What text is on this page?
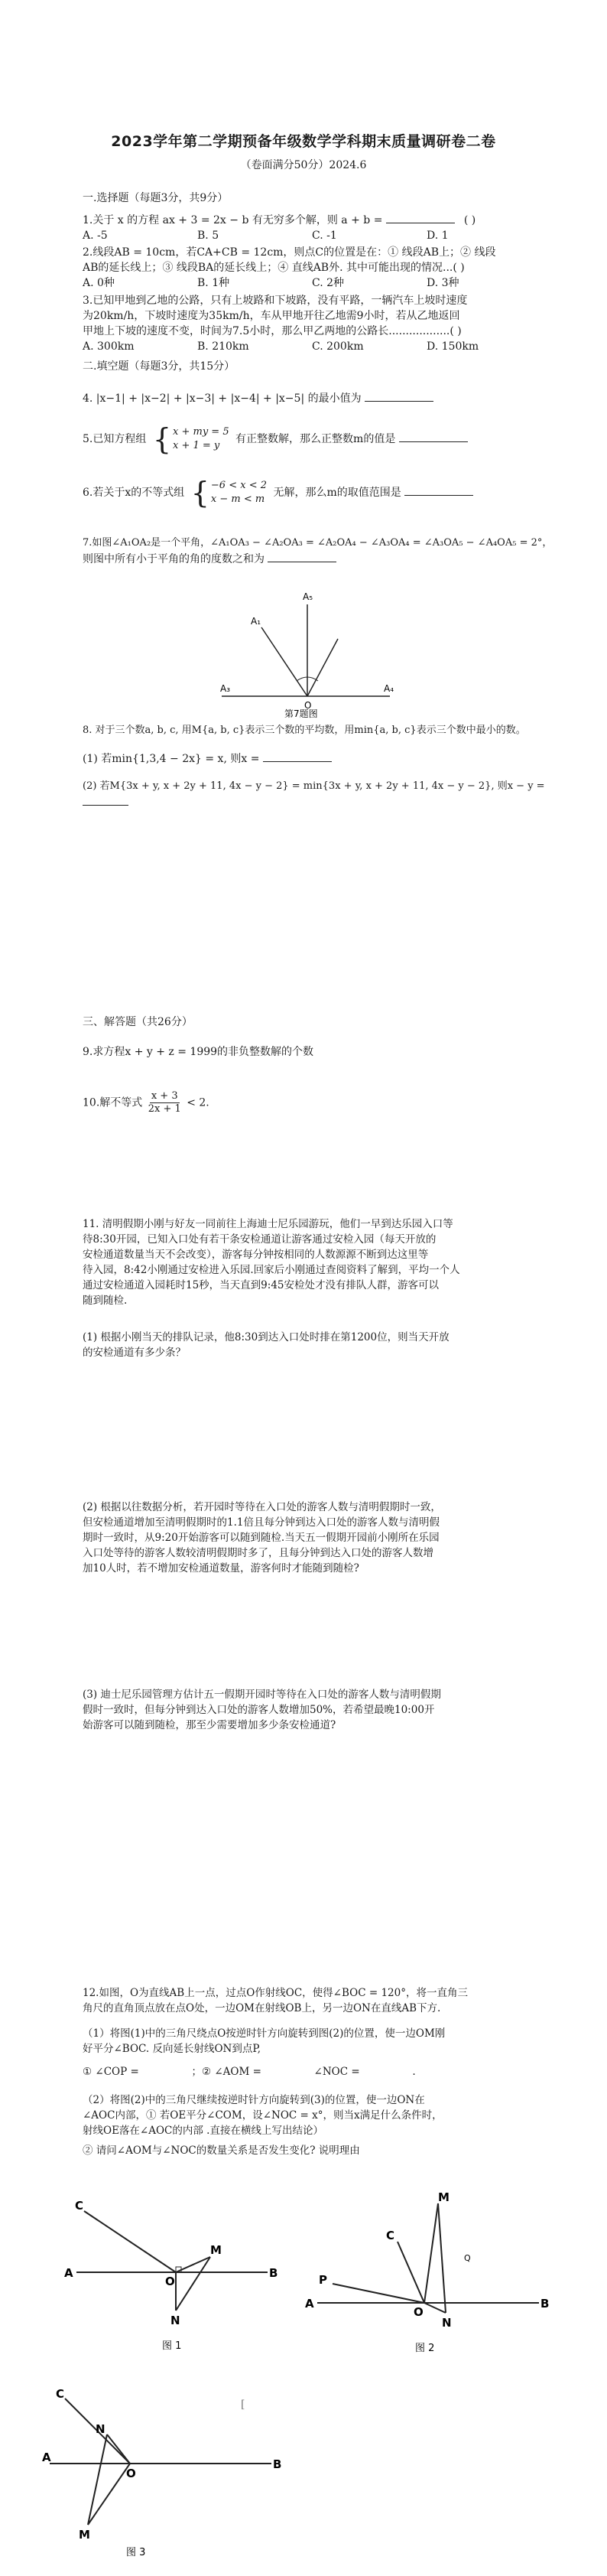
2023学年第二学期预备年级数学学科期末质量调研卷二卷
（卷面满分50分）2024.6
一.选择题（每题3分，共9分）
1.关于 x 的方程 ax + 3 = 2x − b 有无穷多个解，则 a + b =	( )
A. -5	B. 5	C. -1	D. 1
2.线段AB = 10cm，若CA+CB = 12cm，则点C的位置是在：① 线段AB上；② 线段
AB的延长线上；③ 线段BA的延长线上；④ 直线AB外. 其中可能出现的情况...( )
A. 0种	B. 1种	C. 2种	D. 3种
3.已知甲地到乙地的公路，只有上坡路和下坡路，没有平路，一辆汽车上坡时速度
为20km/h，下坡时速度为35km/h，车从甲地开往乙地需9小时，若从乙地返回
甲地上下坡的速度不变，时间为7.5小时，那么甲乙两地的公路长..................( )
A. 300km	B. 210km	C. 200km	D. 150km
二.填空题（每题3分，共15分）
4. |x−1| + |x−2| + |x−3| + |x−4| + |x−5| 的最小值为
5.已知方程组 { x + my = 5
x + 1 = y
有正整数解，那么正整数m的值是
6.若关于x的不等式组 { −6 < x < 2
x − m < m
无解，那么m的取值范围是
7.如图∠A₁OA₂是一个平角，∠A₁OA₃ − ∠A₂OA₃ = ∠A₂OA₄ − ∠A₃OA₄ = ∠A₃OA₅ − ∠A₄OA₅ = 2°，
则图中所有小于平角的角的度数之和为
A₅
A₁
O
A₃	A₄
第7题图
8. 对于三个数a, b, c, 用M{a, b, c}表示三个数的平均数，用min{a, b, c}表示三个数中最小的数。
(1) 若min{1,3,4 − 2x} = x, 则x =
(2) 若M{3x + y, x + 2y + 11, 4x − y − 2} = min{3x + y, x + 2y + 11, 4x − y − 2}, 则x − y =
三、解答题（共26分）
9.求方程x + y + z = 1999的非负整数解的个数
10.解不等式 $\frac{x + 3}{2x + 1} < 2$.
11. 清明假期小刚与好友一同前往上海迪士尼乐园游玩，他们一早到达乐园入口等
待8:30开园，已知入口处有若干条安检通道让游客通过安检入园（每天开放的
安检通道数量当天不会改变），游客每分钟按相同的人数源源不断到达这里等
待入园，8:42小刚通过安检进入乐园.回家后小刚通过查阅资料了解到，平均一个人
通过安检通道入园耗时15秒，当天直到9:45安检处才没有排队人群，游客可以
随到随检.
(1) 根据小刚当天的排队记录，他8:30到达入口处时排在第1200位，则当天开放
的安检通道有多少条？
(2) 根据以往数据分析，若开园时等待在入口处的游客人数与清明假期时一致，
但安检通道增加至清明假期时的1.1倍且每分钟到达入口处的游客人数与清明假
期时一致时，从9:20开始游客可以随到随检.当天五一假期开园前小刚所在乐园
入口处等待的游客人数较清明假期时多了，且每分钟到达入口处的游客人数增
加10人时，若不增加安检通道数量，游客何时才能随到随检?
(3) 迪士尼乐园管理方估计五一假期开园时等待在入口处的游客人数与清明假期
假时一致时，但每分钟到达入口处的游客人数增加50%，若希望最晚10:00开
始游客可以随到随检，那至少需要增加多少条安检通道?
12.如图，O为直线AB上一点，过点O作射线OC，使得∠BOC = 120°，将一直角三
角尺的直角顶点放在点O处，一边OM在射线OB上，另一边ON在直线AB下方.
（1）将图(1)中的三角尺绕点O按逆时针方向旋转到图(2)的位置，使一边OM刚
好平分∠BOC. 反向延长射线ON到点P,
① ∠COP =                ；② ∠AOM =                ∠NOC =                .
（2）将图(2)中的三角尺继续按逆时针方向旋转到(3)的位置，使一边ON在
∠AOC内部，① 若OE平分∠COM，设∠NOC = x°，则当x满足什么条件时，
射线OE落在∠AOC的内部 .直接在横线上写出结论）
② 请问∠AOM与∠NOC的数量关系是否发生变化? 说明理由
C
M
A
O
B
N
图 1
M
C
P
A
O
B
N
Q
图 2
C
N
A
O
B
M
图 3
[
